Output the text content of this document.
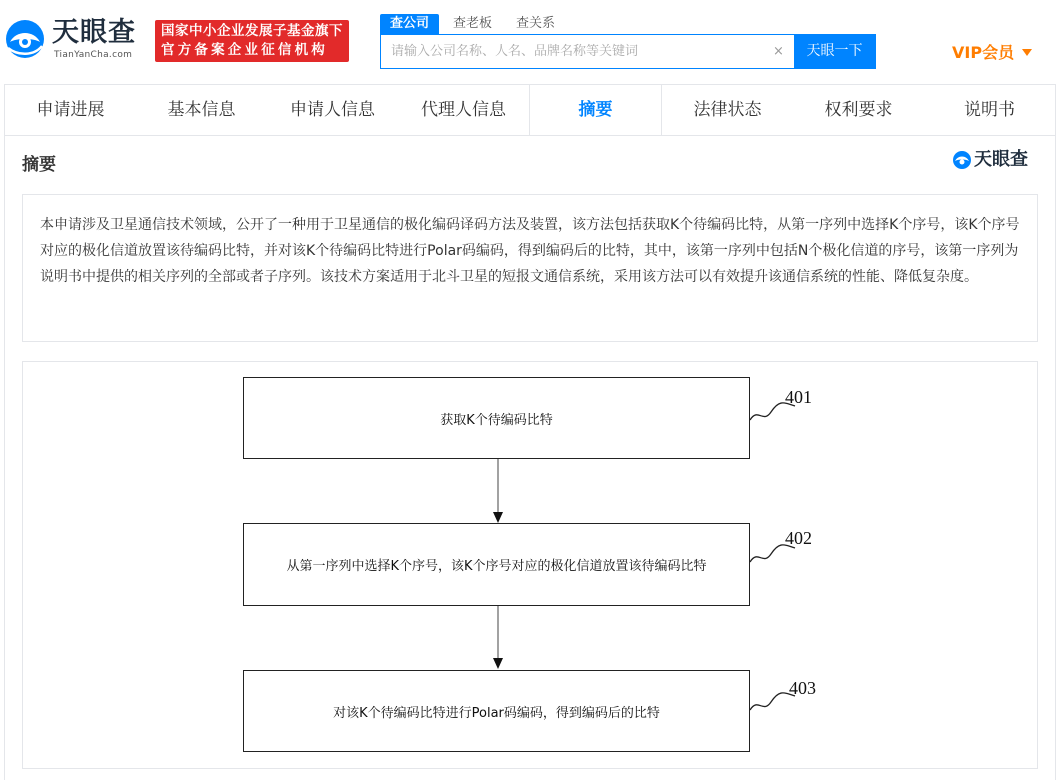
天眼查
TianYanCha.com
国家中小企业发展子基金旗下
官方备案企业征信机构
查公司	查老板	查关系
请输入公司名称、人名、品牌名称等关键词
×	天眼一下	VIP会员
申请进展	基本信息	申请人信息	代理人信息	摘要	法律状态	权利要求	说明书
摘要	天眼查
本申请涉及卫星通信技术领域，公开了一种用于卫星通信的极化编码译码方法及装置，该方法包括获取K个待编码比特，从第一序列中选择K个序号，该K个序号对应的极化信道放置该待编码比特，并对该K个待编码比特进行Polar码编码，得到编码后的比特，其中，该第一序列中包括N个极化信道的序号，该第一序列为说明书中提供的相关序列的全部或者子序列。该技术方案适用于北斗卫星的短报文通信系统，采用该方法可以有效提升该通信系统的性能、降低复杂度。
获取K个待编码比特
401
从第一序列中选择K个序号，该K个序号对应的极化信道放置该待编码比特
402
对该K个待编码比特进行Polar码编码，得到编码后的比特
403
